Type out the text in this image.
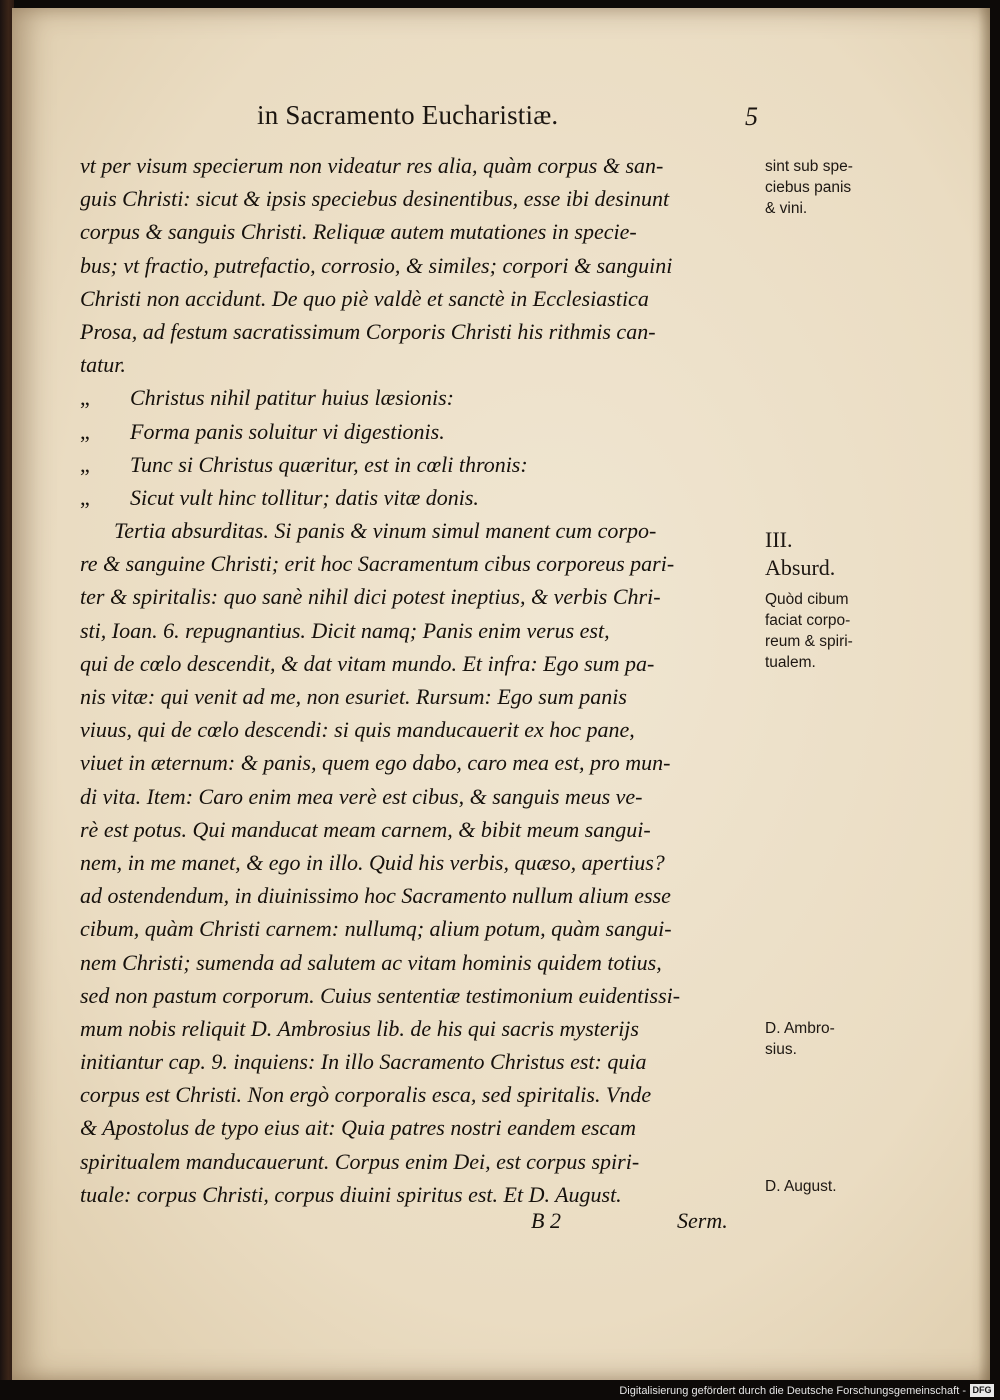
in Sacramento Eucharistiæ.	5
vt per visum specierum non videatur res alia, quàm corpus & san-
guis Christi: sicut & ipsis speciebus desinentibus, esse ibi desinunt
corpus & sanguis Christi. Reliquæ autem mutationes in specie-
bus; vt fractio, putrefactio, corrosio, & similes; corpori & sanguini
Christi non accidunt. De quo piè valdè et sanctè in Ecclesiastica
Prosa, ad festum sacratissimum Corporis Christi his rithmis can-
tatur.
„ Christus nihil patitur huius læsionis:
„ Forma panis soluitur vi digestionis.
„ Tunc si Christus quæritur, est in cœli thronis:
„ Sicut vult hinc tollitur; datis vitæ donis.
Tertia absurditas. Si panis & vinum simul manent cum corpo-
re & sanguine Christi; erit hoc Sacramentum cibus corporeus pari-
ter & spiritalis: quo sanè nihil dici potest ineptius, & verbis Chri-
sti, Ioan. 6. repugnantius. Dicit namq; Panis enim verus est,
qui de cœlo descendit, & dat vitam mundo. Et infra: Ego sum pa-
nis vitæ: qui venit ad me, non esuriet. Rursum: Ego sum panis
viuus, qui de cœlo descendi: si quis manducauerit ex hoc pane,
viuet in æternum: & panis, quem ego dabo, caro mea est, pro mun-
di vita. Item: Caro enim mea verè est cibus, & sanguis meus ve-
rè est potus. Qui manducat meam carnem, & bibit meum sangui-
nem, in me manet, & ego in illo. Quid his verbis, quæso, apertius?
ad ostendendum, in diuinissimo hoc Sacramento nullum alium esse
cibum, quàm Christi carnem: nullumq; alium potum, quàm sangui-
nem Christi; sumenda ad salutem ac vitam hominis quidem totius,
sed non pastum corporum. Cuius sententiæ testimonium euidentissi-
mum nobis reliquit D. Ambrosius lib. de his qui sacris mysterijs
initiantur cap. 9. inquiens: In illo Sacramento Christus est: quia
corpus est Christi. Non ergò corporalis esca, sed spiritalis. Vnde
& Apostolus de typo eius ait: Quia patres nostri eandem escam
spiritualem manducauerunt. Corpus enim Dei, est corpus spiri-
tuale: corpus Christi, corpus diuini spiritus est. Et D. August.
B 2	Serm.
sint sub spe-
ciebus panis
& vini.
III.
Absurd.
Quòd cibum
faciat corpo-
reum & spiri-
tualem.
D. Ambro-
sius.
D. August.
Digitalisierung gefördert durch die Deutsche Forschungsgemeinschaft - DFG
